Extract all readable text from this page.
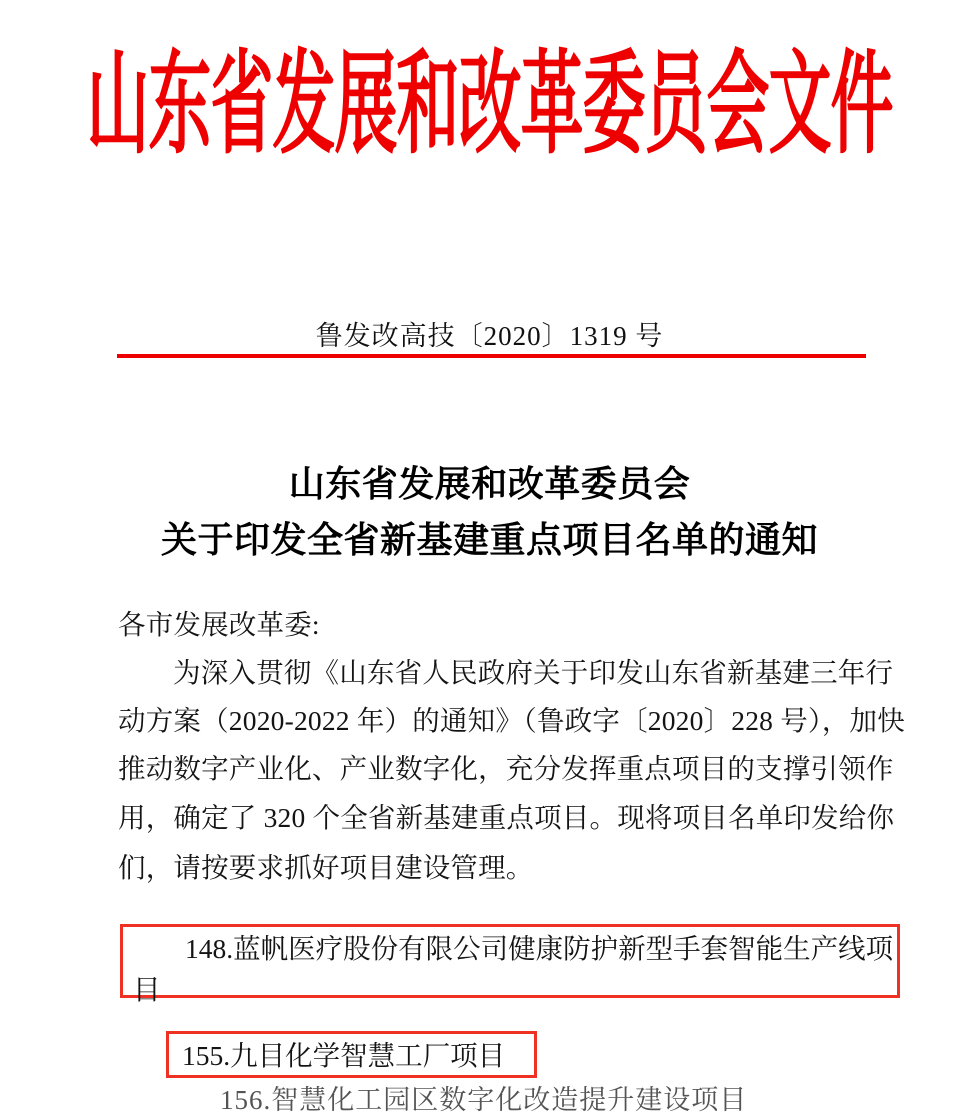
山东省发展和改革委员会文件
鲁发改高技〔2020〕1319 号
山东省发展和改革委员会
关于印发全省新基建重点项目名单的通知
各市发展改革委:
为深入贯彻《山东省人民政府关于印发山东省新基建三年行
动方案（2020-2022 年）的通知》（鲁政字〔2020〕228 号），加快
推动数字产业化、产业数字化，充分发挥重点项目的支撑引领作
用，确定了 320 个全省新基建重点项目。现将项目名单印发给你
们，请按要求抓好项目建设管理。
148.蓝帆医疗股份有限公司健康防护新型手套智能生产线项
目
155.九目化学智慧工厂项目
156.智慧化工园区数字化改造提升建设项目
